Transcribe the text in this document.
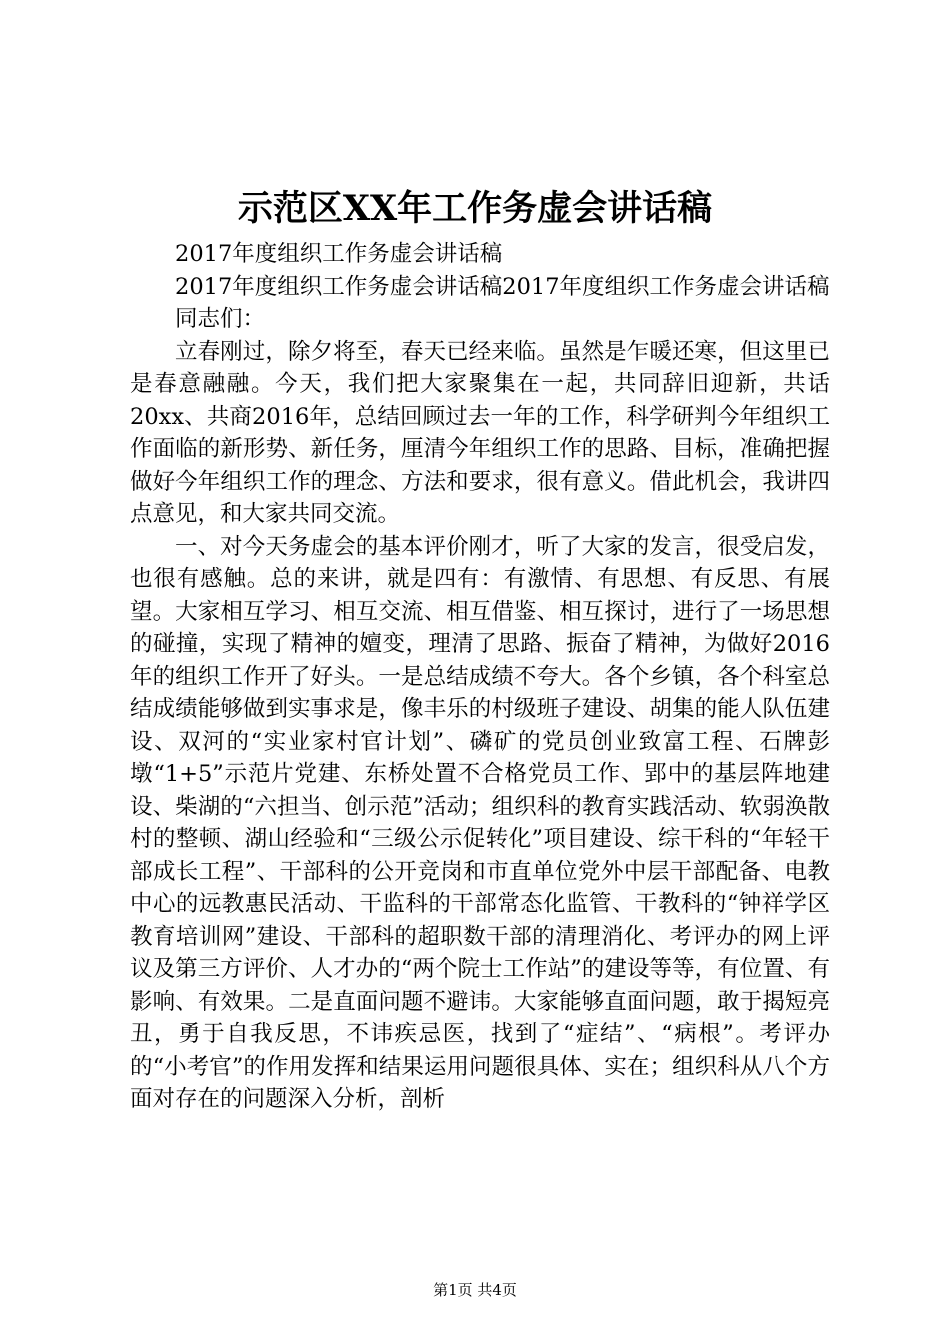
示范区XX年工作务虚会讲话稿

2017年度组织工作务虚会讲话稿

2017年度组织工作务虚会讲话稿2017年度组织工作务虚会讲话稿

同志们：

立春刚过，除夕将至，春天已经来临。虽然是乍暖还寒，但这里已是春意融融。今天，我们把大家聚集在一起，共同辞旧迎新，共话20xx、共商2016年，总结回顾过去一年的工作，科学研判今年组织工作面临的新形势、新任务，厘清今年组织工作的思路、目标，准确把握做好今年组织工作的理念、方法和要求，很有意义。借此机会，我讲四点意见，和大家共同交流。

一、对今天务虚会的基本评价刚才，听了大家的发言，很受启发，也很有感触。总的来讲，就是四有：有激情、有思想、有反思、有展望。大家相互学习、相互交流、相互借鉴、相互探讨，进行了一场思想的碰撞，实现了精神的嬗变，理清了思路、振奋了精神，为做好2016年的组织工作开了好头。一是总结成绩不夸大。各个乡镇，各个科室总结成绩能够做到实事求是，像丰乐的村级班子建设、胡集的能人队伍建设、双河的“实业家村官计划”、磷矿的党员创业致富工程、石牌彭墩“1+5”示范片党建、东桥处置不合格党员工作、郢中的基层阵地建设、柴湖的“六担当、创示范”活动；组织科的教育实践活动、软弱涣散村的整顿、湖山经验和“三级公示促转化”项目建设、综干科的“年轻干部成长工程”、干部科的公开竞岗和市直单位党外中层干部配备、电教中心的远教惠民活动、干监科的干部常态化监管、干教科的“钟祥学区教育培训网”建设、干部科的超职数干部的清理消化、考评办的网上评议及第三方评价、人才办的“两个院士工作站”的建设等等，有位置、有影响、有效果。二是直面问题不避讳。大家能够直面问题，敢于揭短亮丑，勇于自我反思，不讳疾忌医，找到了“症结”、“病根”。考评办的“小考官”的作用发挥和结果运用问题很具体、实在；组织科从八个方面对存在的问题深入分析，剖析

第1页 共4页
